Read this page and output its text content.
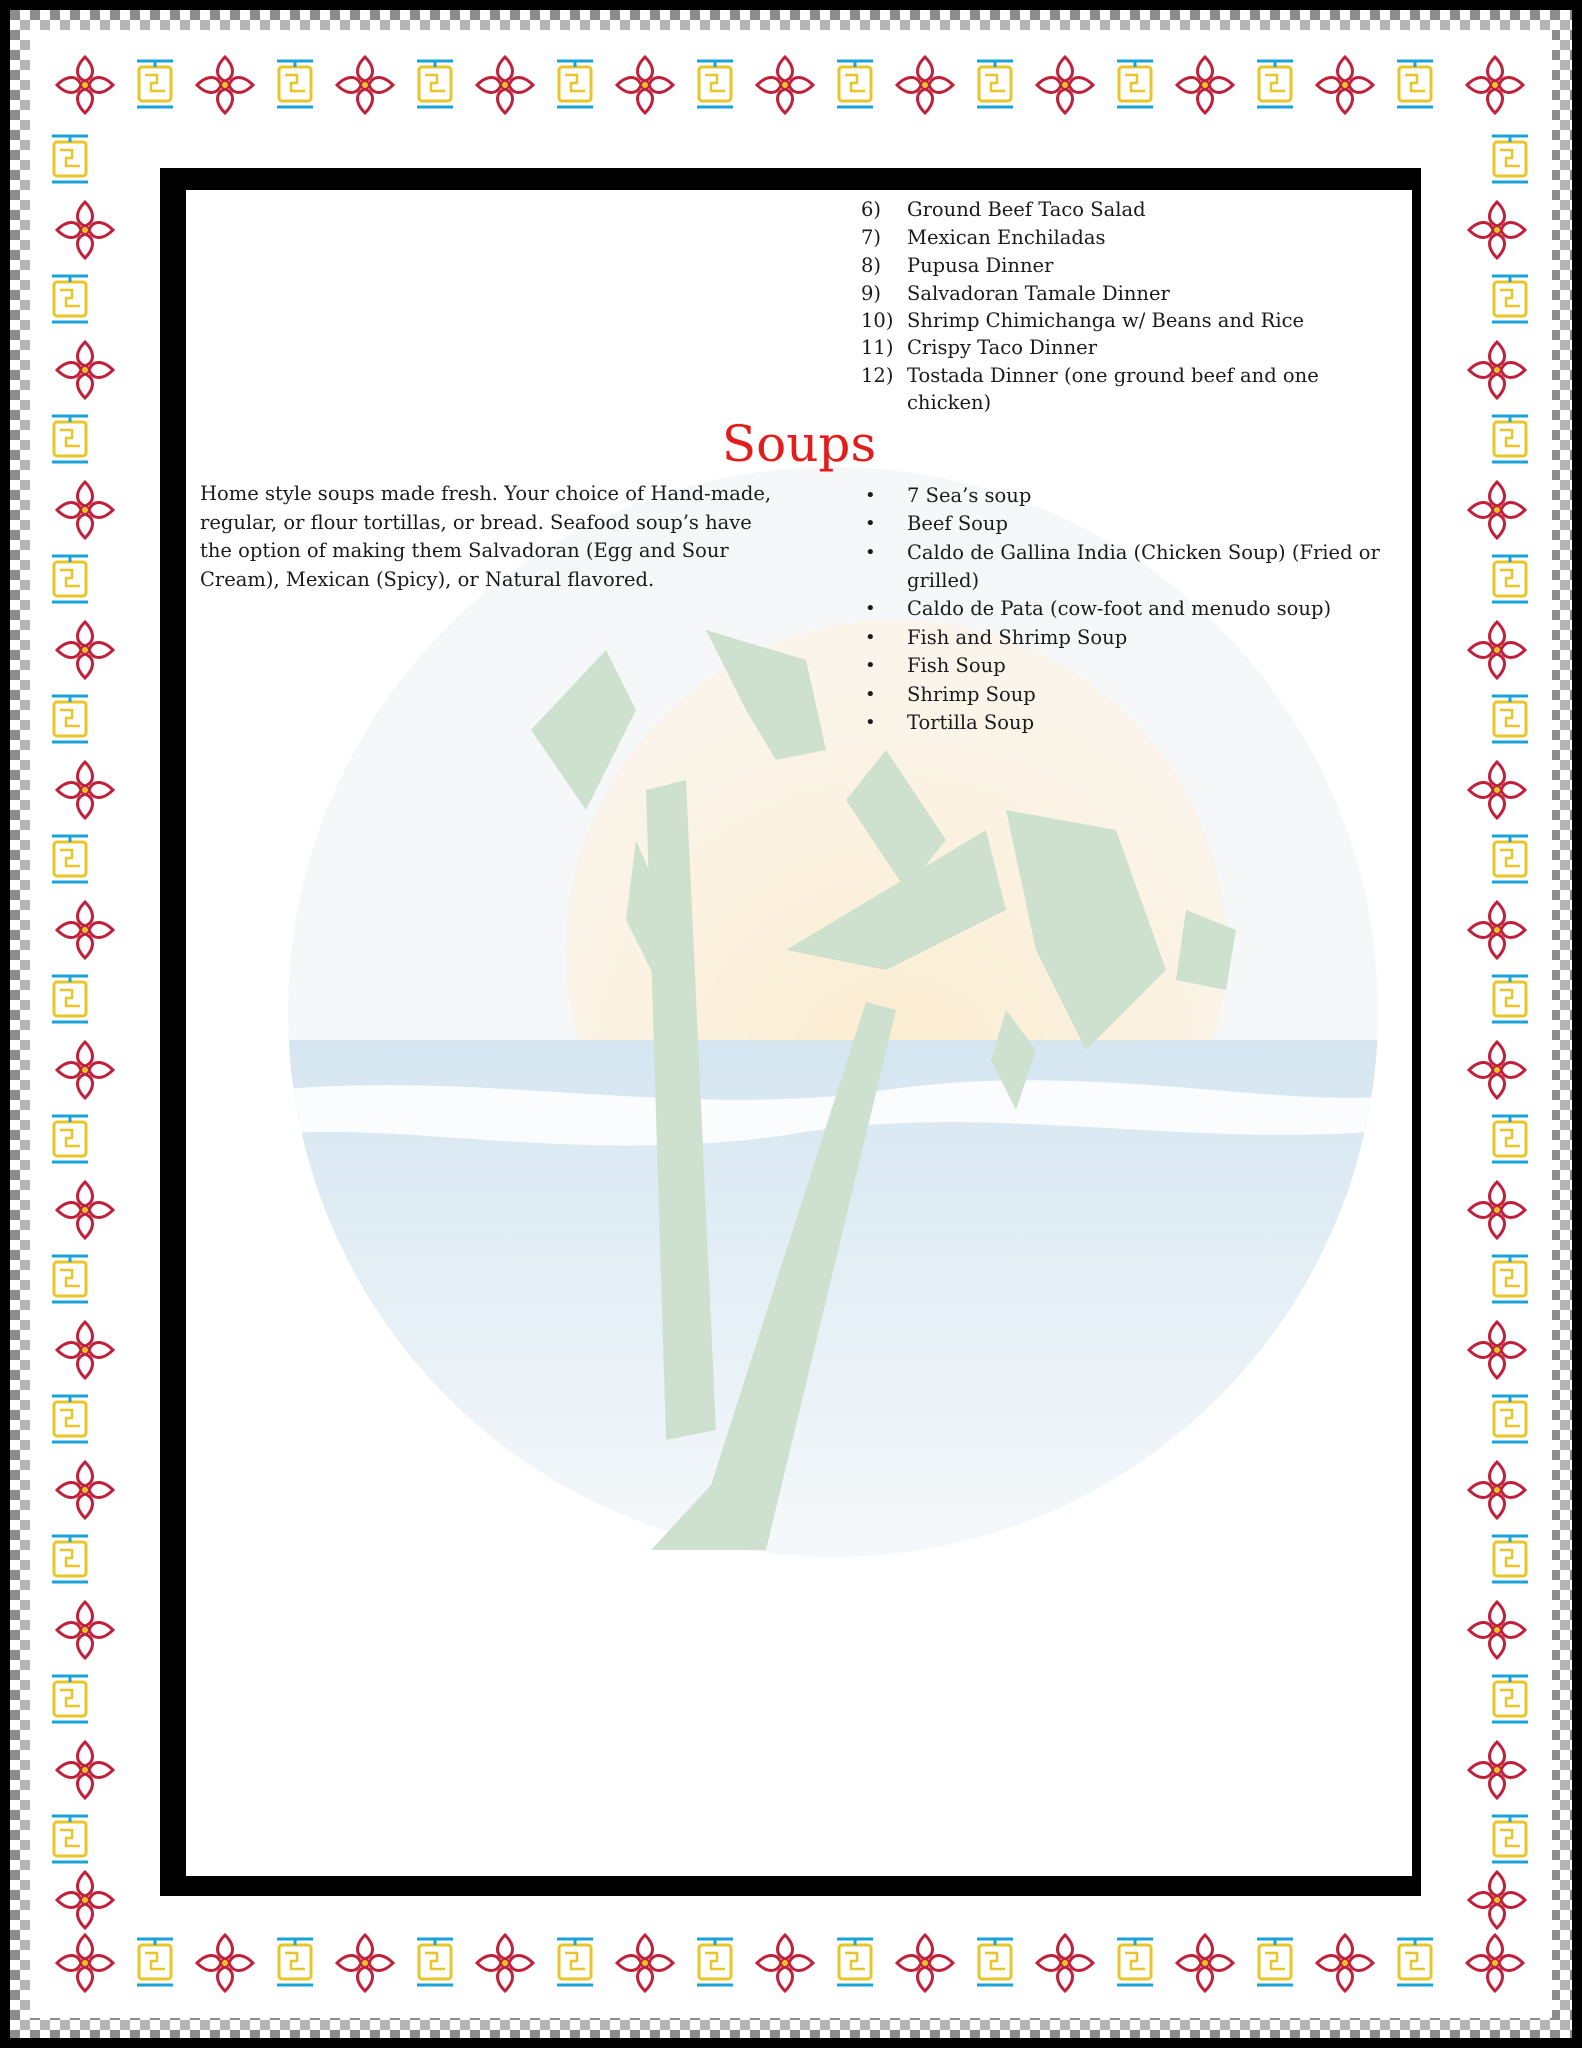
6) Ground Beef Taco Salad
7) Mexican Enchiladas
8) Pupusa Dinner
9) Salvadoran Tamale Dinner
10) Shrimp Chimichanga w/ Beans and Rice
11) Crispy Taco Dinner
12) Tostada Dinner (one ground beef and one
chicken)
Soups
Home style soups made fresh. Your choice of Hand-made, regular, or flour tortillas, or bread. Seafood soup’s have the option of making them Salvadoran (Egg and Sour Cream), Mexican (Spicy), or Natural flavored.
• 7 Sea’s soup
• Beef Soup
• Caldo de Gallina India (Chicken Soup) (Fried or
grilled)
• Caldo de Pata (cow-foot and menudo soup)
• Fish and Shrimp Soup
• Fish Soup
• Shrimp Soup
• Tortilla Soup
